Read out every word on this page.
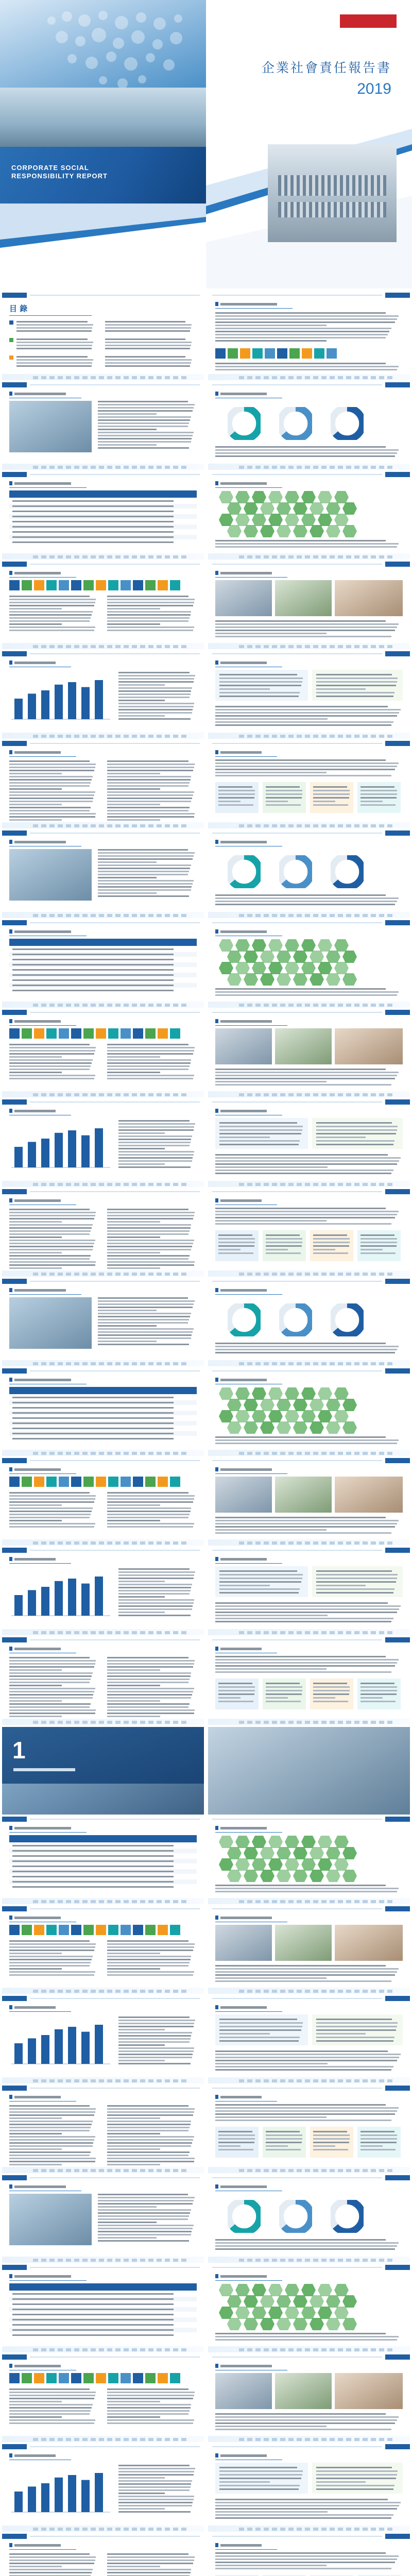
CORPORATE SOCIAL
RESPONSIBILITY REPORT
企業社會責任報告書
2019
目 錄
1
